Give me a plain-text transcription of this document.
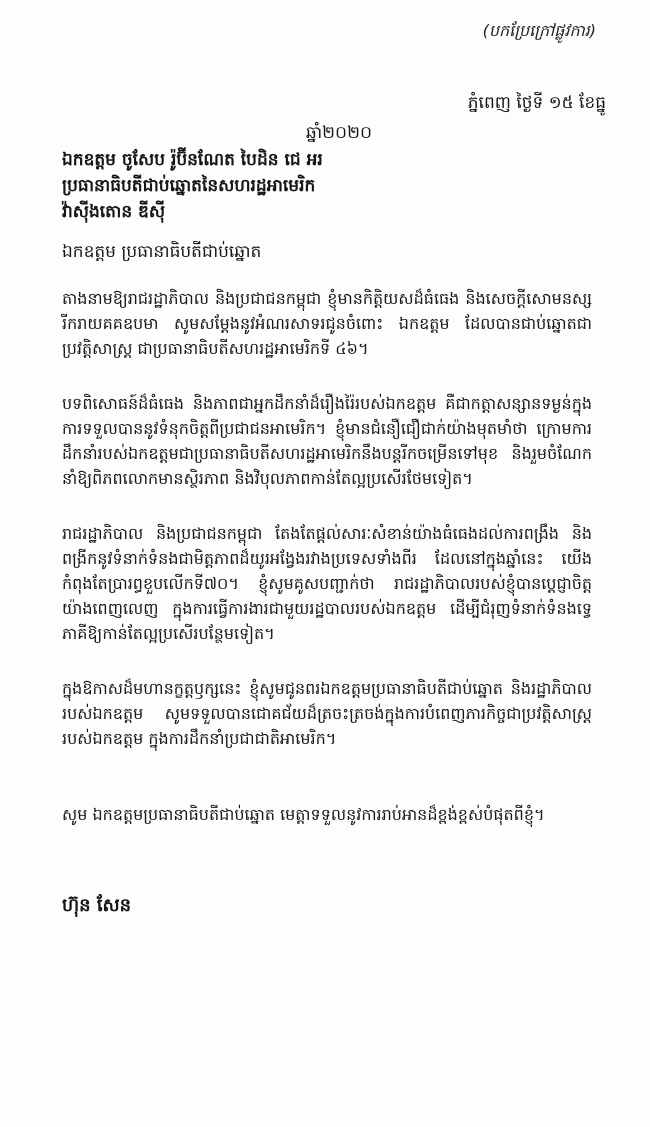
(បកប្រែក្រៅផ្លូវការ)
ភ្នំពេញ ថ្ងៃទី ១៥ ខែធ្នូ
ឆ្នាំ២០២០
ឯកឧត្តម ចូសែប រ៉ូប៊ីនណែត បៃដិន ជេ អរ
ប្រធានាធិបតីជាប់ឆ្នោតនៃសហរដ្ឋអាមេរិក
វ៉ាស៊ីងតោន ឌីស៊ី
ឯកឧត្តម ប្រធានាធិបតីជាប់ឆ្នោត

តាងនាមឱ្យរាជរដ្ឋាភិបាល និងប្រជាជនកម្ពុជា ខ្ញុំមានកិត្តិយសដ៏ធំធេង និងសេចក្តីសោមនស្សរីករាយគគឧបមា សូមសម្តែងនូវអំណរសាទរជូនចំពោះ ឯកឧត្តម ដែលបានជាប់ឆ្នោតជាប្រវត្តិសាស្ត្រ ជាប្រធានាធិបតីសហរដ្ឋអាមេរិកទី ៤៦។

បទពិសោធន៍ដ៏ធំធេង និងភាពជាអ្នកដឹកនាំដ៏រឿងរ៉ៃរបស់ឯកឧត្តម គឺជាកត្តាសន្សានទម្ងន់ក្នុងការទទួលបាននូវទំនុកចិត្តពីប្រជាជនអាមេរិក។ ខ្ញុំមានជំនឿជឿជាក់យ៉ាងមុតមាំថា ក្រោមការដឹកនាំរបស់ឯកឧត្តមជាប្រធានាធិបតីសហរដ្ឋអាមេរិកនឹងបន្តរីកចម្រើនទៅមុខ និងរួមចំណែកនាំឱ្យពិភពលោកមានស្ថិរភាព និងវិបុលភាពកាន់តែល្អប្រសើរថែមទៀត។

រាជរដ្ឋាភិបាល និងប្រជាជនកម្ពុជា តែងតែផ្តល់សារៈសំខាន់យ៉ាងធំធេងដល់ការពង្រឹង និងពង្រីកនូវទំនាក់ទំនងជាមិត្តភាពដ៏យូរអង្វែងរវាងប្រទេសទាំងពីរ ដែលនៅក្នុងឆ្នាំនេះ យើងកំពុងតែប្រារព្ធខួបលើកទី៧០។ ខ្ញុំសូមគូសបញ្ជាក់ថា រាជរដ្ឋាភិបាលរបស់ខ្ញុំបានប្តេជ្ញាចិត្តយ៉ាងពេញលេញ ក្នុងការធ្វើការងារជាមួយរដ្ឋបាលរបស់ឯកឧត្តម ដើម្បីជំរុញទំនាក់ទំនងទ្វេភាគីឱ្យកាន់តែល្អប្រសើរបន្ថែមទៀត។

ក្នុងឱកាសដ៏មហានក្ខត្តឫក្សនេះ ខ្ញុំសូមជូនពរឯកឧត្តមប្រធានាធិបតីជាប់ឆ្នោត និងរដ្ឋាភិបាលរបស់ឯកឧត្តម សូមទទួលបានជោគជ័យដ៏ត្រចះត្រចង់ក្នុងការបំពេញភារកិច្ចជាប្រវត្តិសាស្ត្ររបស់ឯកឧត្តម ក្នុងការដឹកនាំប្រជាជាតិអាមេរិក។

សូម ឯកឧត្តមប្រធានាធិបតីជាប់ឆ្នោត មេត្តាទទួលនូវការរាប់អានដ៏ខ្ពង់ខ្ពស់បំផុតពីខ្ញុំ។
ហ៊ុន សែន
